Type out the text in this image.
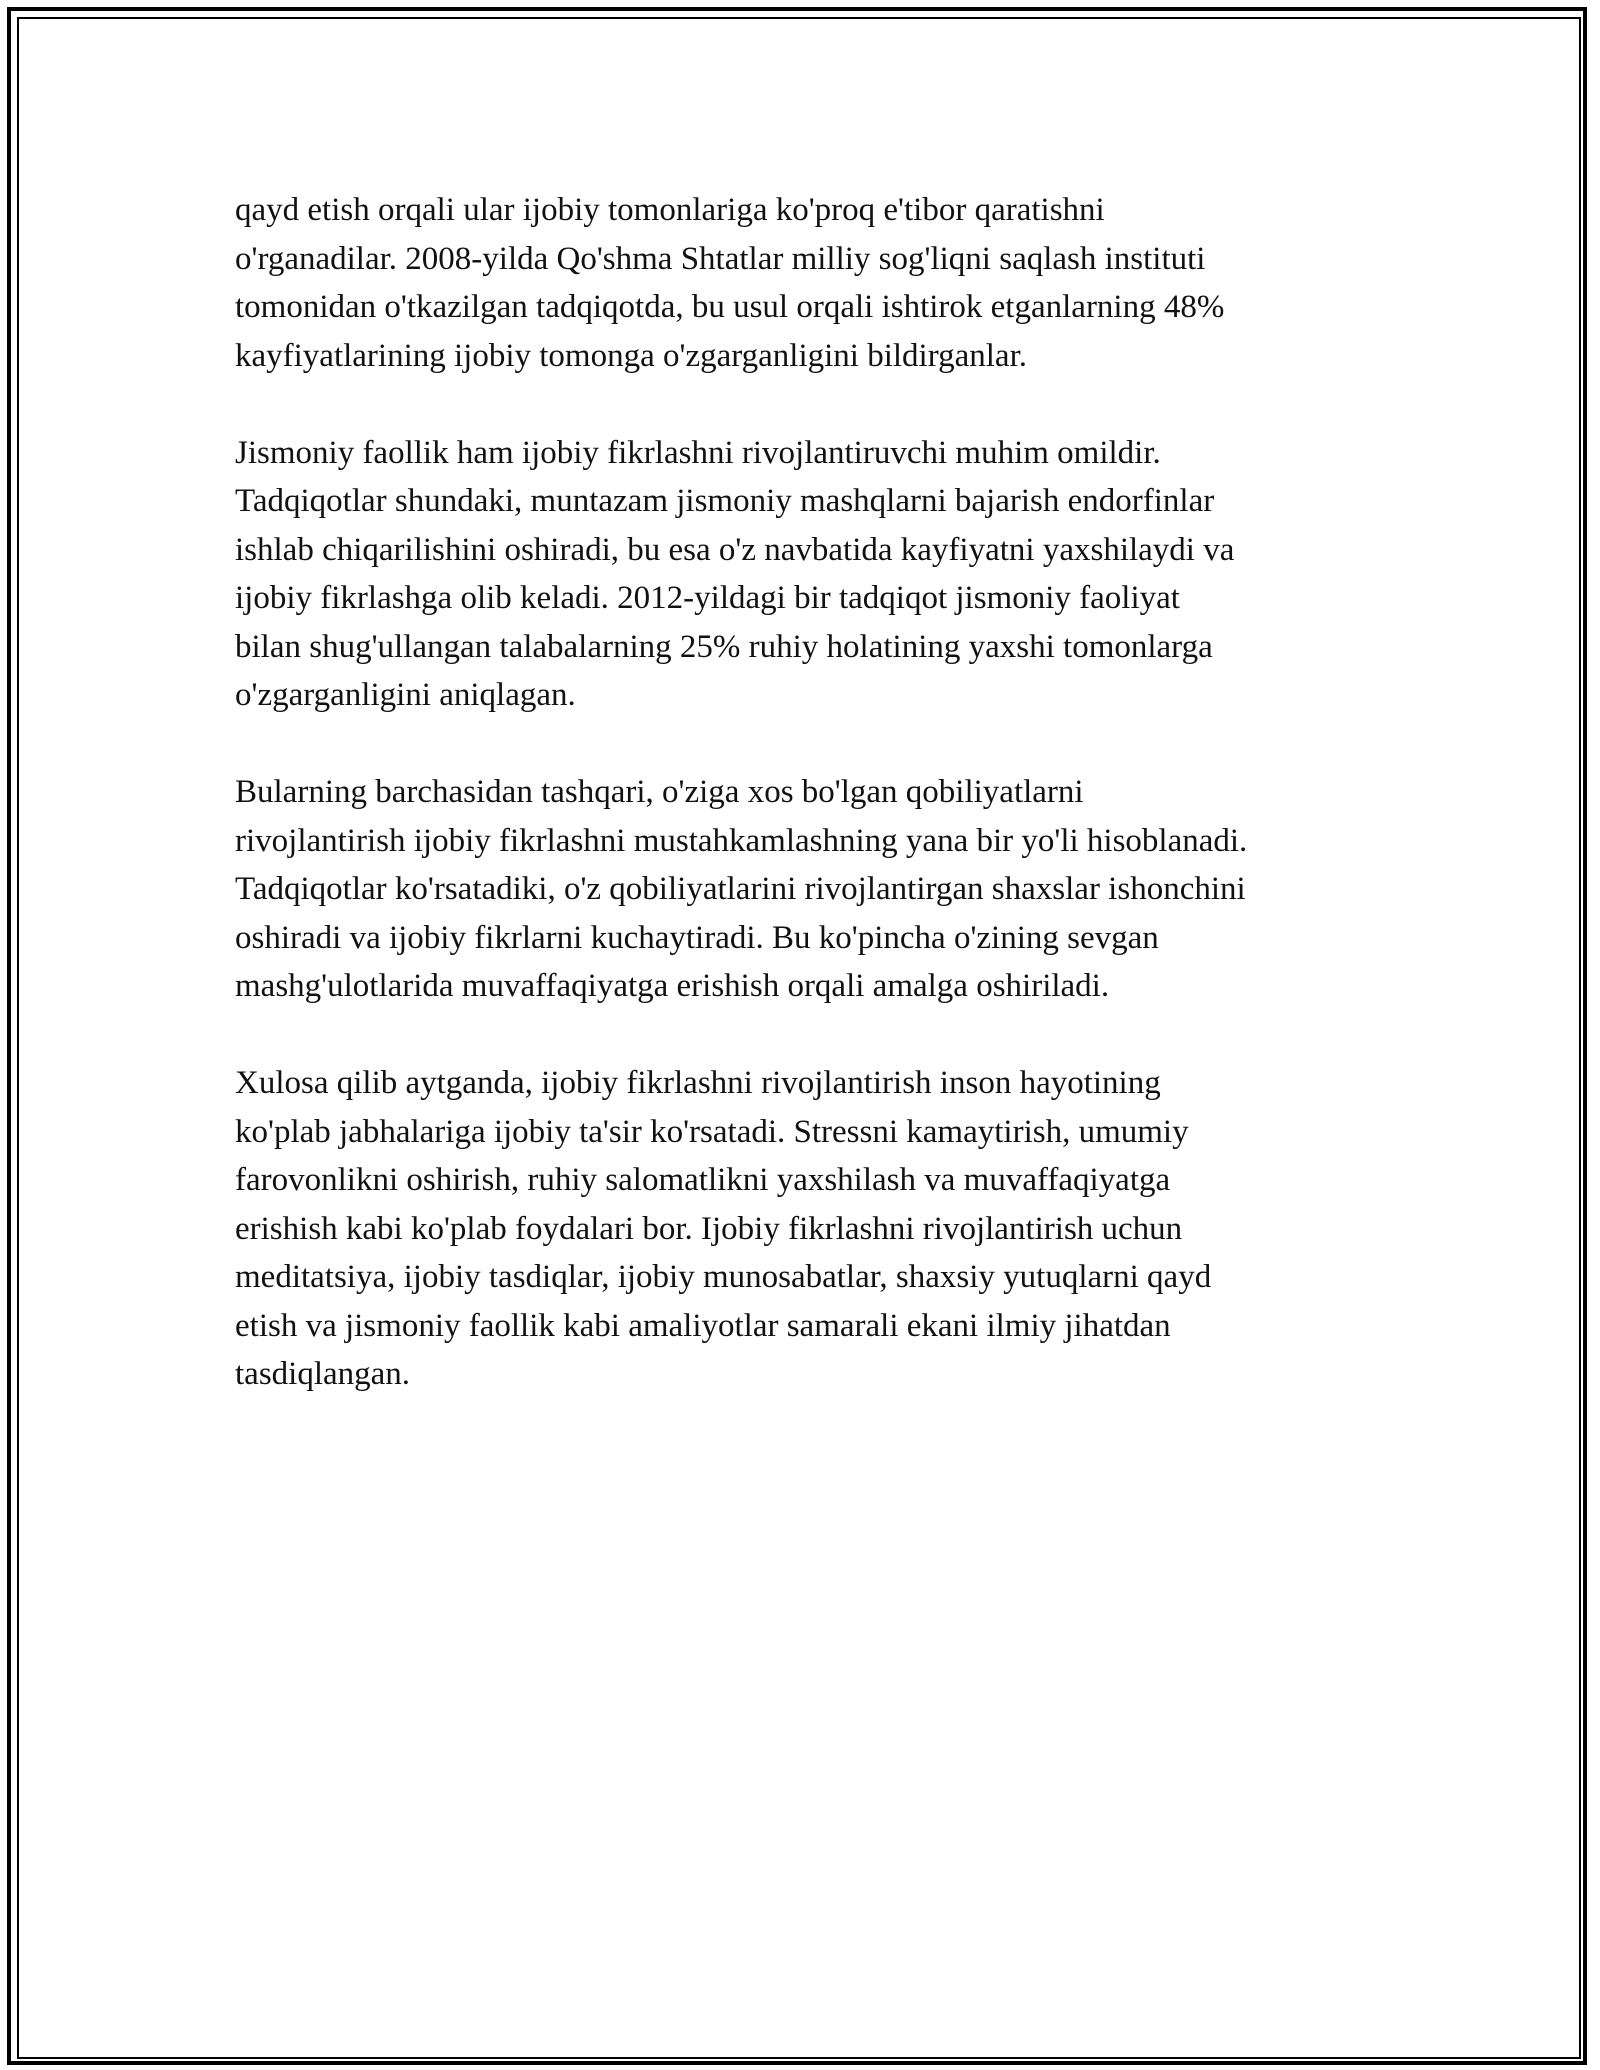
qayd etish orqali ular ijobiy tomonlariga ko'proq e'tibor qaratishni
o'rganadilar. 2008-yilda Qo'shma Shtatlar milliy sog'liqni saqlash instituti
tomonidan o'tkazilgan tadqiqotda, bu usul orqali ishtirok etganlarning 48%
kayfiyatlarining ijobiy tomonga o'zgarganligini bildirganlar.

Jismoniy faollik ham ijobiy fikrlashni rivojlantiruvchi muhim omildir.
Tadqiqotlar shundaki, muntazam jismoniy mashqlarni bajarish endorfinlar
ishlab chiqarilishini oshiradi, bu esa o'z navbatida kayfiyatni yaxshilaydi va
ijobiy fikrlashga olib keladi. 2012-yildagi bir tadqiqot jismoniy faoliyat
bilan shug'ullangan talabalarning 25% ruhiy holatining yaxshi tomonlarga
o'zgarganligini aniqlagan.

Bularning barchasidan tashqari, o'ziga xos bo'lgan qobiliyatlarni
rivojlantirish ijobiy fikrlashni mustahkamlashning yana bir yo'li hisoblanadi.
Tadqiqotlar ko'rsatadiki, o'z qobiliyatlarini rivojlantirgan shaxslar ishonchini
oshiradi va ijobiy fikrlarni kuchaytiradi. Bu ko'pincha o'zining sevgan
mashg'ulotlarida muvaffaqiyatga erishish orqali amalga oshiriladi.

Xulosa qilib aytganda, ijobiy fikrlashni rivojlantirish inson hayotining
ko'plab jabhalariga ijobiy ta'sir ko'rsatadi. Stressni kamaytirish, umumiy
farovonlikni oshirish, ruhiy salomatlikni yaxshilash va muvaffaqiyatga
erishish kabi ko'plab foydalari bor. Ijobiy fikrlashni rivojlantirish uchun
meditatsiya, ijobiy tasdiqlar, ijobiy munosabatlar, shaxsiy yutuqlarni qayd
etish va jismoniy faollik kabi amaliyotlar samarali ekani ilmiy jihatdan
tasdiqlangan.
